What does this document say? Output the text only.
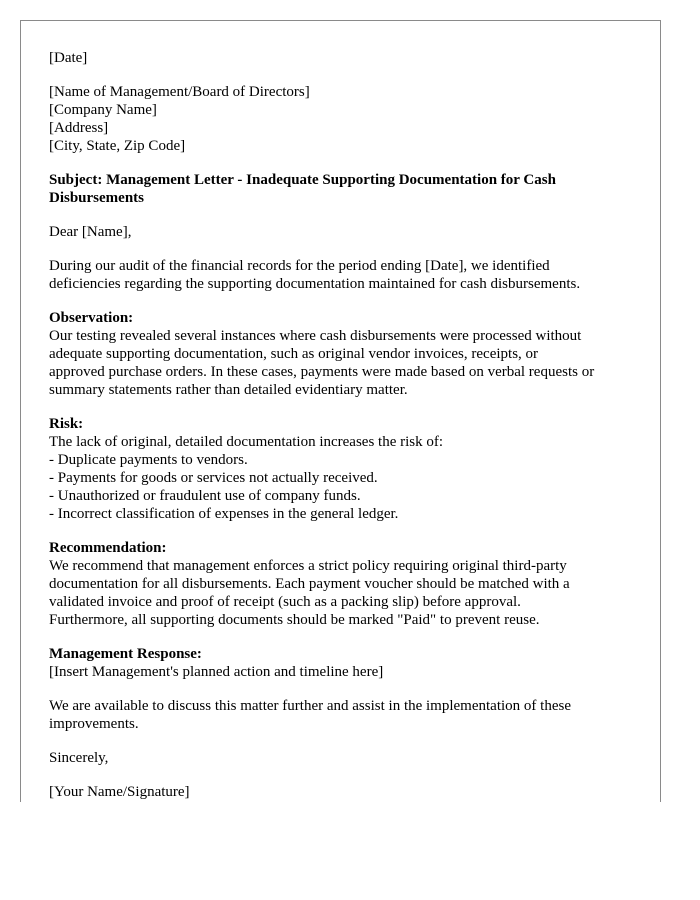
[Date]
[Name of Management/Board of Directors]
[Company Name]
[Address]
[City, State, Zip Code]
Subject: Management Letter - Inadequate Supporting Documentation for Cash
Disbursements
Dear [Name],
During our audit of the financial records for the period ending [Date], we identified
deficiencies regarding the supporting documentation maintained for cash disbursements.
Observation:
Our testing revealed several instances where cash disbursements were processed without
adequate supporting documentation, such as original vendor invoices, receipts, or
approved purchase orders. In these cases, payments were made based on verbal requests or
summary statements rather than detailed evidentiary matter.
Risk:
The lack of original, detailed documentation increases the risk of:
- Duplicate payments to vendors.
- Payments for goods or services not actually received.
- Unauthorized or fraudulent use of company funds.
- Incorrect classification of expenses in the general ledger.
Recommendation:
We recommend that management enforces a strict policy requiring original third-party
documentation for all disbursements. Each payment voucher should be matched with a
validated invoice and proof of receipt (such as a packing slip) before approval.
Furthermore, all supporting documents should be marked "Paid" to prevent reuse.
Management Response:
[Insert Management's planned action and timeline here]
We are available to discuss this matter further and assist in the implementation of these
improvements.
Sincerely,
[Your Name/Signature]
